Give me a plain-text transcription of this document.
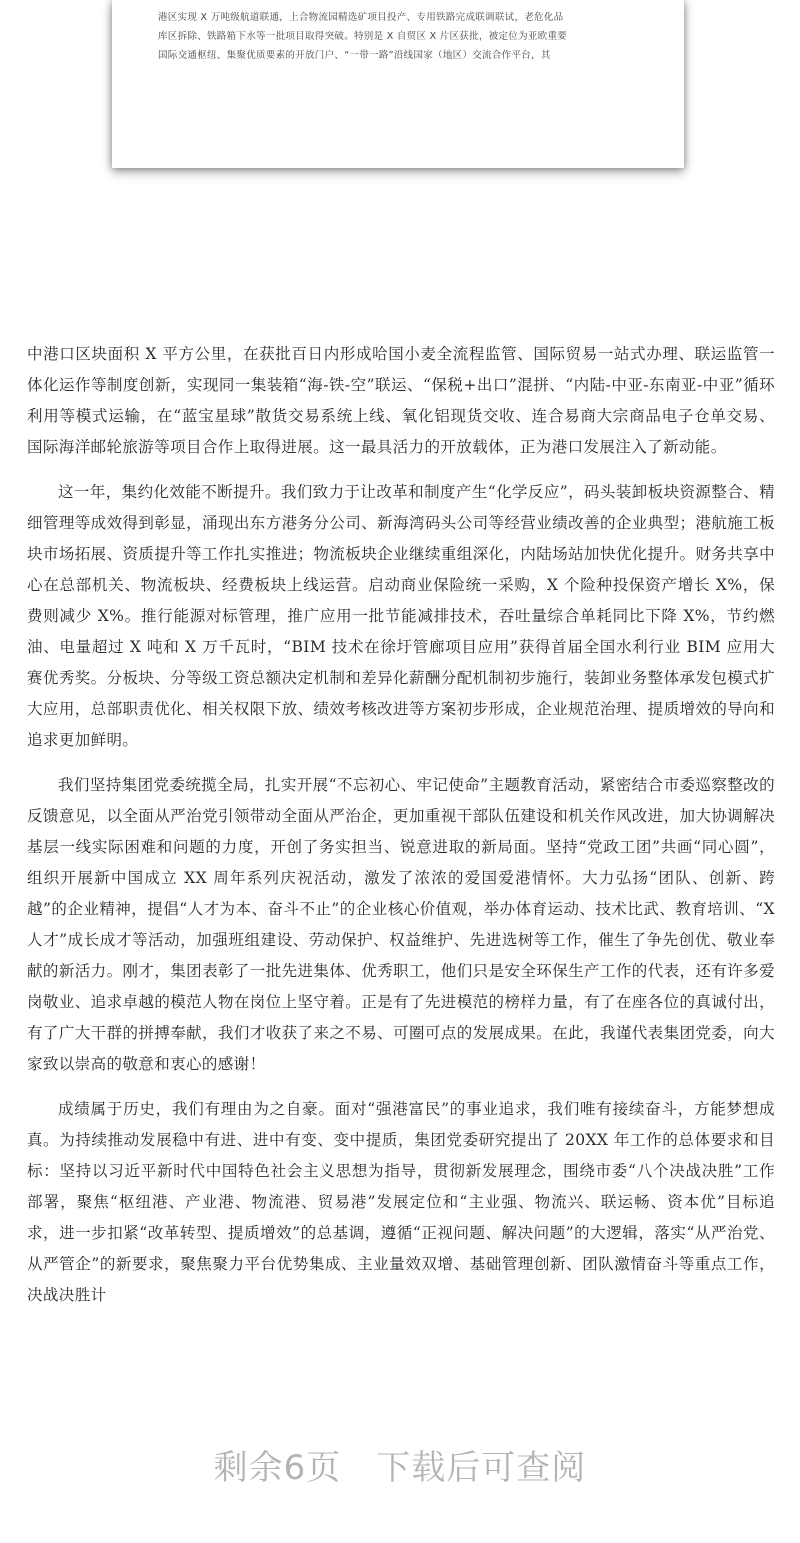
港区实现 X 万吨级航道联通，上合物流园精选矿项目投产、专用铁路完成联调联试，老危化品

库区拆除、铁路箱下水等一批项目取得突破。特别是 X 自贸区 X 片区获批，被定位为亚欧重要

国际交通枢纽、集聚优质要素的开放门户、“一带一路”沿线国家（地区）交流合作平台，其

中港口区块面积 X 平方公里，在获批百日内形成哈国小麦全流程监管、国际贸易一站式办理、联运监管一体化运作等制度创新，实现同一集装箱“海-铁-空”联运、“保税+出口”混拼、“内陆-中亚-东南亚-中亚”循环利用等模式运输，在“蓝宝星球”散货交易系统上线、氧化铝现货交收、连合易商大宗商品电子仓单交易、国际海洋邮轮旅游等项目合作上取得进展。这一最具活力的开放载体，正为港口发展注入了新动能。

这一年，集约化效能不断提升。我们致力于让改革和制度产生“化学反应”，码头装卸板块资源整合、精细管理等成效得到彰显，涌现出东方港务分公司、新海湾码头公司等经营业绩改善的企业典型；港航施工板块市场拓展、资质提升等工作扎实推进；物流板块企业继续重组深化，内陆场站加快优化提升。财务共享中心在总部机关、物流板块、经费板块上线运营。启动商业保险统一采购，X 个险种投保资产增长 X%，保费则减少 X%。推行能源对标管理，推广应用一批节能减排技术，吞吐量综合单耗同比下降 X%，节约燃油、电量超过 X 吨和 X 万千瓦时，“BIM 技术在徐圩管廊项目应用”获得首届全国水利行业 BIM 应用大赛优秀奖。分板块、分等级工资总额决定机制和差异化薪酬分配机制初步施行，装卸业务整体承发包模式扩大应用，总部职责优化、相关权限下放、绩效考核改进等方案初步形成，企业规范治理、提质增效的导向和追求更加鲜明。

我们坚持集团党委统揽全局，扎实开展“不忘初心、牢记使命”主题教育活动，紧密结合市委巡察整改的反馈意见，以全面从严治党引领带动全面从严治企，更加重视干部队伍建设和机关作风改进，加大协调解决基层一线实际困难和问题的力度，开创了务实担当、锐意进取的新局面。坚持“党政工团”共画“同心圆”，组织开展新中国成立 XX 周年系列庆祝活动，激发了浓浓的爱国爱港情怀。大力弘扬“团队、创新、跨越”的企业精神，提倡“人才为本、奋斗不止”的企业核心价值观，举办体育运动、技术比武、教育培训、“X 人才”成长成才等活动，加强班组建设、劳动保护、权益维护、先进选树等工作，催生了争先创优、敬业奉献的新活力。刚才，集团表彰了一批先进集体、优秀职工，他们只是安全环保生产工作的代表，还有许多爱岗敬业、追求卓越的模范人物在岗位上坚守着。正是有了先进模范的榜样力量，有了在座各位的真诚付出，有了广大干群的拼搏奉献，我们才收获了来之不易、可圈可点的发展成果。在此，我谨代表集团党委，向大家致以崇高的敬意和衷心的感谢！

成绩属于历史，我们有理由为之自豪。面对“强港富民”的事业追求，我们唯有接续奋斗，方能梦想成真。为持续推动发展稳中有进、进中有变、变中提质，集团党委研究提出了 20XX 年工作的总体要求和目标：坚持以习近平新时代中国特色社会主义思想为指导，贯彻新发展理念，围绕市委“八个决战决胜”工作部署，聚焦“枢纽港、产业港、物流港、贸易港”发展定位和“主业强、物流兴、联运畅、资本优”目标追求，进一步扣紧“改革转型、提质增效”的总基调，遵循“正视问题、解决问题”的大逻辑，落实“从严治党、从严管企”的新要求，聚焦聚力平台优势集成、主业量效双增、基础管理创新、团队激情奋斗等重点工作，决战决胜计

剩余6页　下载后可查阅
